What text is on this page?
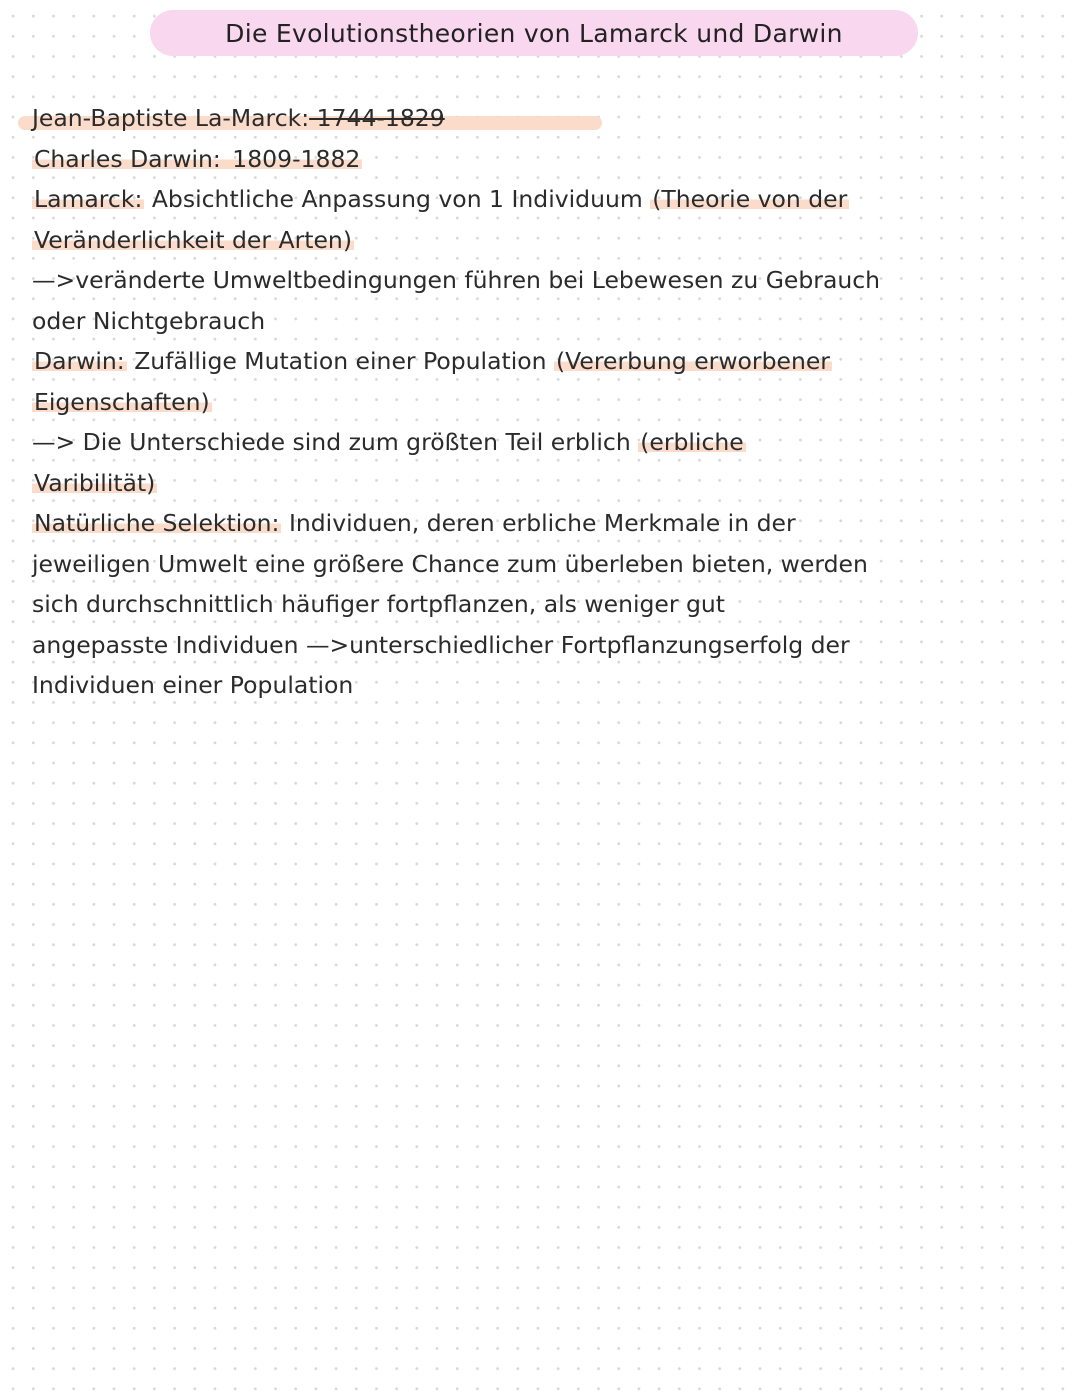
Die Evolutionstheorien von Lamarck und Darwin
Jean-Baptiste La-Marck: 1744-1829
Charles Darwin: 1809-1882
Lamarck: Absichtliche Anpassung von 1 Individuum (Theorie von der
Veränderlichkeit der Arten)
—>veränderte Umweltbedingungen führen bei Lebewesen zu Gebrauch
oder Nichtgebrauch
Darwin: Zufällige Mutation einer Population (Vererbung erworbener
Eigenschaften)
—> Die Unterschiede sind zum größten Teil erblich (erbliche
Varibilität)
Natürliche Selektion: Individuen, deren erbliche Merkmale in der
jeweiligen Umwelt eine größere Chance zum überleben bieten, werden
sich durchschnittlich häufiger fortpflanzen, als weniger gut
angepasste Individuen —>unterschiedlicher Fortpflanzungserfolg der
Individuen einer Population
